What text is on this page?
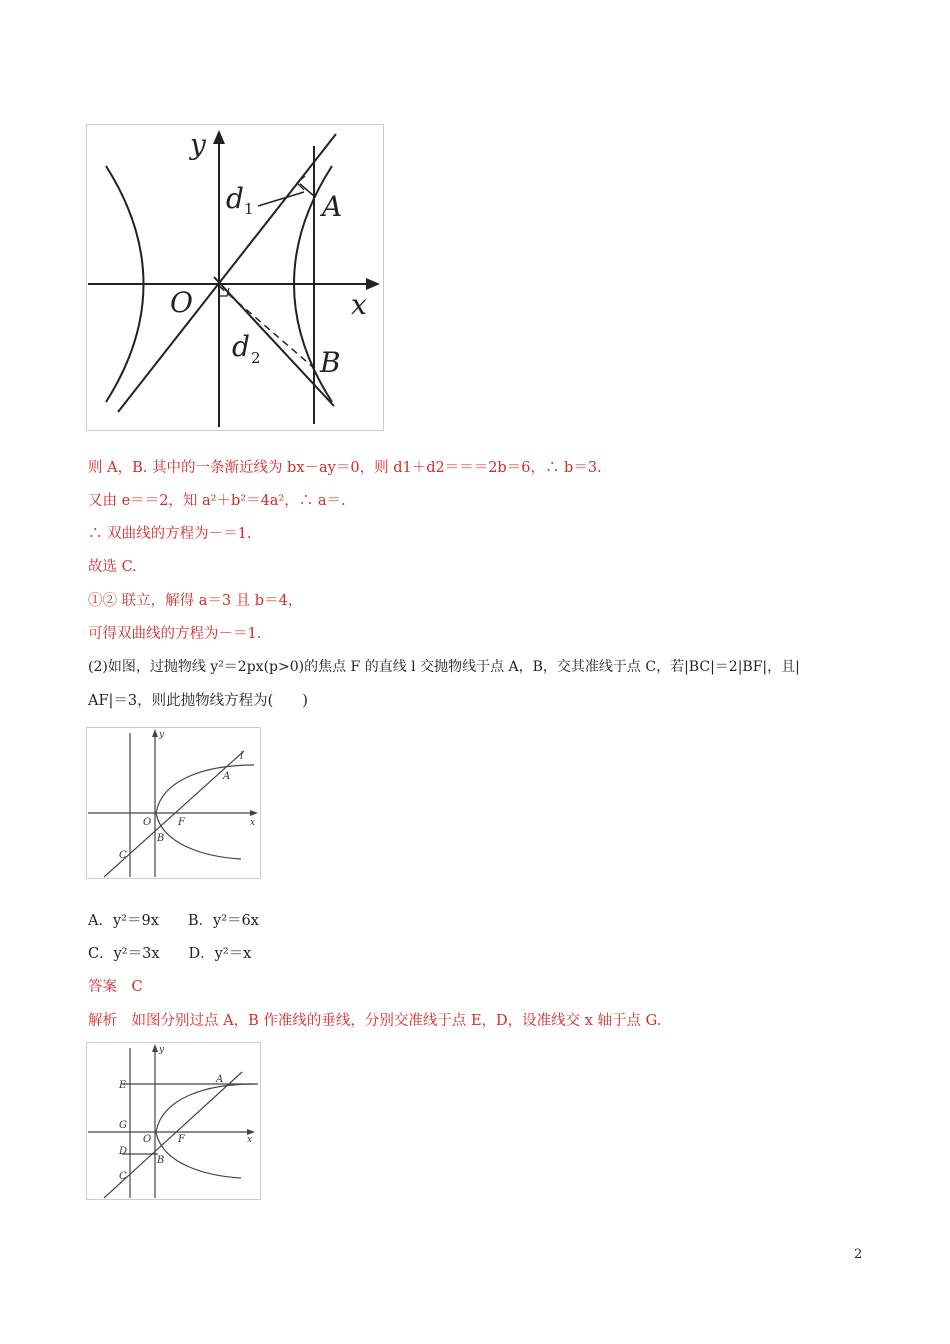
y
x
O
A
B
d 1
d 2
则 A，B. 其中的一条渐近线为 bx－ay＝0，则 d1＋d2＝＝＝2b＝6，∴ b＝3.
又由 e＝＝2，知 a²＋b²＝4a²，∴ a＝.
∴ 双曲线的方程为－＝1.
故选 C.
①② 联立，解得 a＝3 且 b＝4，
可得双曲线的方程为－＝1.
(2)如图，过抛物线 y²＝2px(p>0)的焦点 F 的直线 l 交抛物线于点 A，B，交其准线于点 C，若|BC|＝2|BF|，且|
AF|＝3，则此抛物线方程为(　　)
y
x
O	F
A
B
C
l
A．y²＝9x　　B．y²＝6x
C．y²＝3x　　D．y²＝x
答案　C
解析　如图分别过点 A，B 作准线的垂线，分别交准线于点 E，D，设准线交 x 轴于点 G.
y
x
O	F
A
B
C
D
E
G
2
